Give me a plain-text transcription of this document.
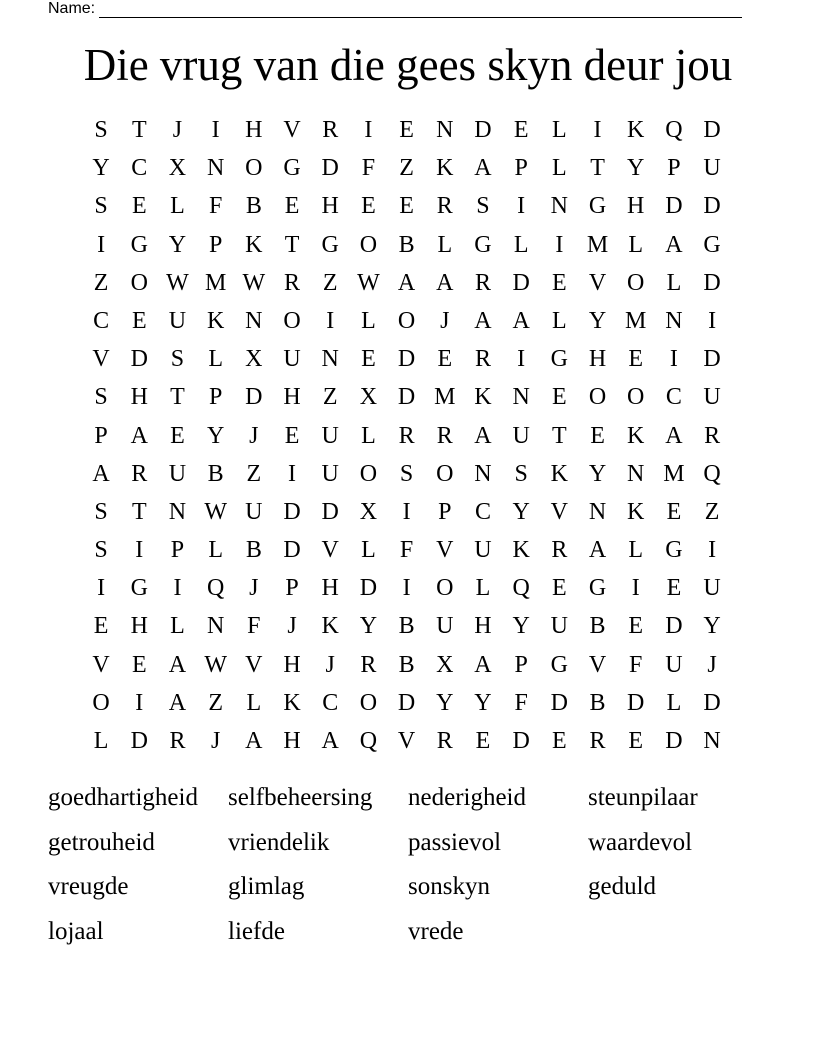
Name:
Die vrug van die gees skyn deur jou
S	T	J	I	H V R	I	E N D E L	I	K Q D
Y C X N O G D F	Z K A P	L T Y P U
S	E L	F B E H E E R S	I	N G H D D
I	G Y P K T G O B L G L	I M L A G
Z O W M W R Z W A A R D E V O L D
C E U K N O	I	L O	J	A A L Y M N	I
V D S	L X U N E D E R	I	G H E	I	D
S H T	P D H Z X D M K N E O O C U
P A E Y	J	E U L R R A U T E K A R
A R U B Z	I	U O S O N S K Y N M Q
S	T N W U D D X	I	P C Y V N K E Z
S	I	P	L B D V L	F V U K R A L G	I
I	G	I	Q	J	P H D	I	O L Q E G	I	E U
E H L N F	J	K Y B U H Y U B E D Y
V E A W V H	J	R B X A P G V F U	J
O	I	A Z L K C O D Y Y F D B D L D
L D R	J	A H A Q V R E D E R E D N
goedhartigheid	selfbeheersing	nederigheid	steunpilaar
getrouheid	vriendelik	passievol	waardevol
vreugde	glimlag	sonskyn	geduld
lojaal	liefde	vrede
